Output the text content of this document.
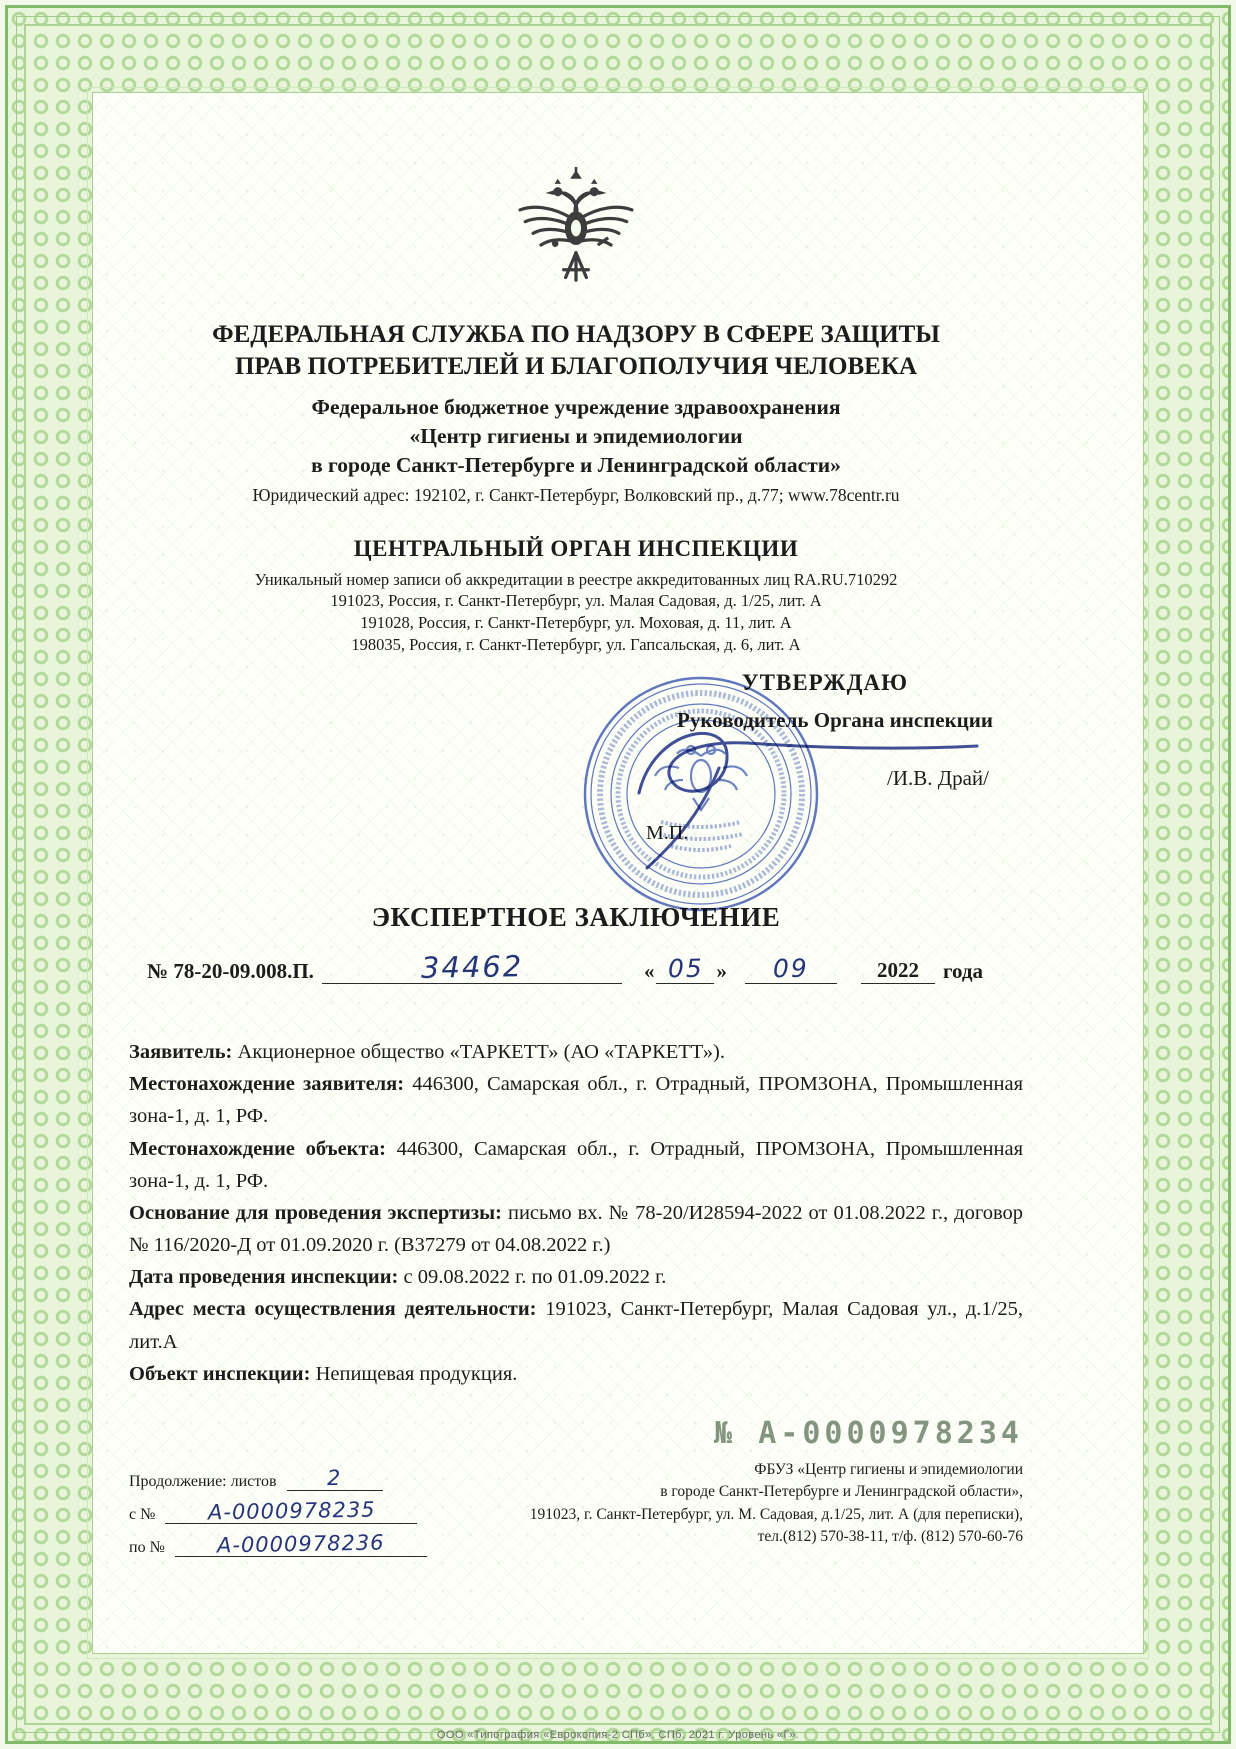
ФЕДЕРАЛЬНАЯ СЛУЖБА ПО НАДЗОРУ В СФЕРЕ ЗАЩИТЫ
ПРАВ ПОТРЕБИТЕЛЕЙ И БЛАГОПОЛУЧИЯ ЧЕЛОВЕКА
Федеральное бюджетное учреждение здравоохранения
«Центр гигиены и эпидемиологии
в городе Санкт-Петербурге и Ленинградской области»
Юридический адрес: 192102, г. Санкт-Петербург, Волковский пр., д.77; www.78centr.ru
ЦЕНТРАЛЬНЫЙ ОРГАН ИНСПЕКЦИИ
Уникальный номер записи об аккредитации в реестре аккредитованных лиц RA.RU.710292
191023, Россия, г. Санкт-Петербург, ул. Малая Садовая, д. 1/25, лит. А
191028, Россия, г. Санкт-Петербург, ул. Моховая, д. 11, лит. А
198035, Россия, г. Санкт-Петербург, ул. Гапсальская, д. 6, лит. А
УТВЕРЖДАЮ
Руководитель Органа инспекции
/И.В. Драй/
М.П.
ЭКСПЕРТНОЕ ЗАКЛЮЧЕНИЕ
№ 78-20-09.008.П.	34462	« 05 »	09	2022	года

Заявитель: Акционерное общество «ТАРКЕТТ» (АО «ТАРКЕТТ»).

Местонахождение заявителя: 446300, Самарская обл., г. Отрадный, ПРОМЗОНА, Промышленная зона-1, д. 1, РФ.

Местонахождение объекта: 446300, Самарская обл., г. Отрадный, ПРОМЗОНА, Промышленная зона-1, д. 1, РФ.

Основание для проведения экспертизы: письмо вх. № 78-20/И28594-2022 от 01.08.2022 г., договор № 116/2020-Д от 01.09.2020 г. (В37279 от 04.08.2022 г.)

Дата проведения инспекции: с 09.08.2022 г. по 01.09.2022 г.

Адрес места осуществления деятельности: 191023, Санкт-Петербург, Малая Садовая ул., д.1/25, лит.А

Объект инспекции: Непищевая продукция.

Продолжение: листов	2
с №	А-0000978235
по №	А-0000978236
№ А-0000978234
ФБУЗ «Центр гигиены и эпидемиологии
в городе Санкт-Петербурге и Ленинградской области»,
191023, г. Санкт-Петербург, ул. М. Садовая, д.1/25, лит. А (для переписки),
тел.(812) 570-38-11, т/ф. (812) 570-60-76
ООО «Типография «Еврокопия-2 СПб». СПб. 2021 г. Уровень «Г».
